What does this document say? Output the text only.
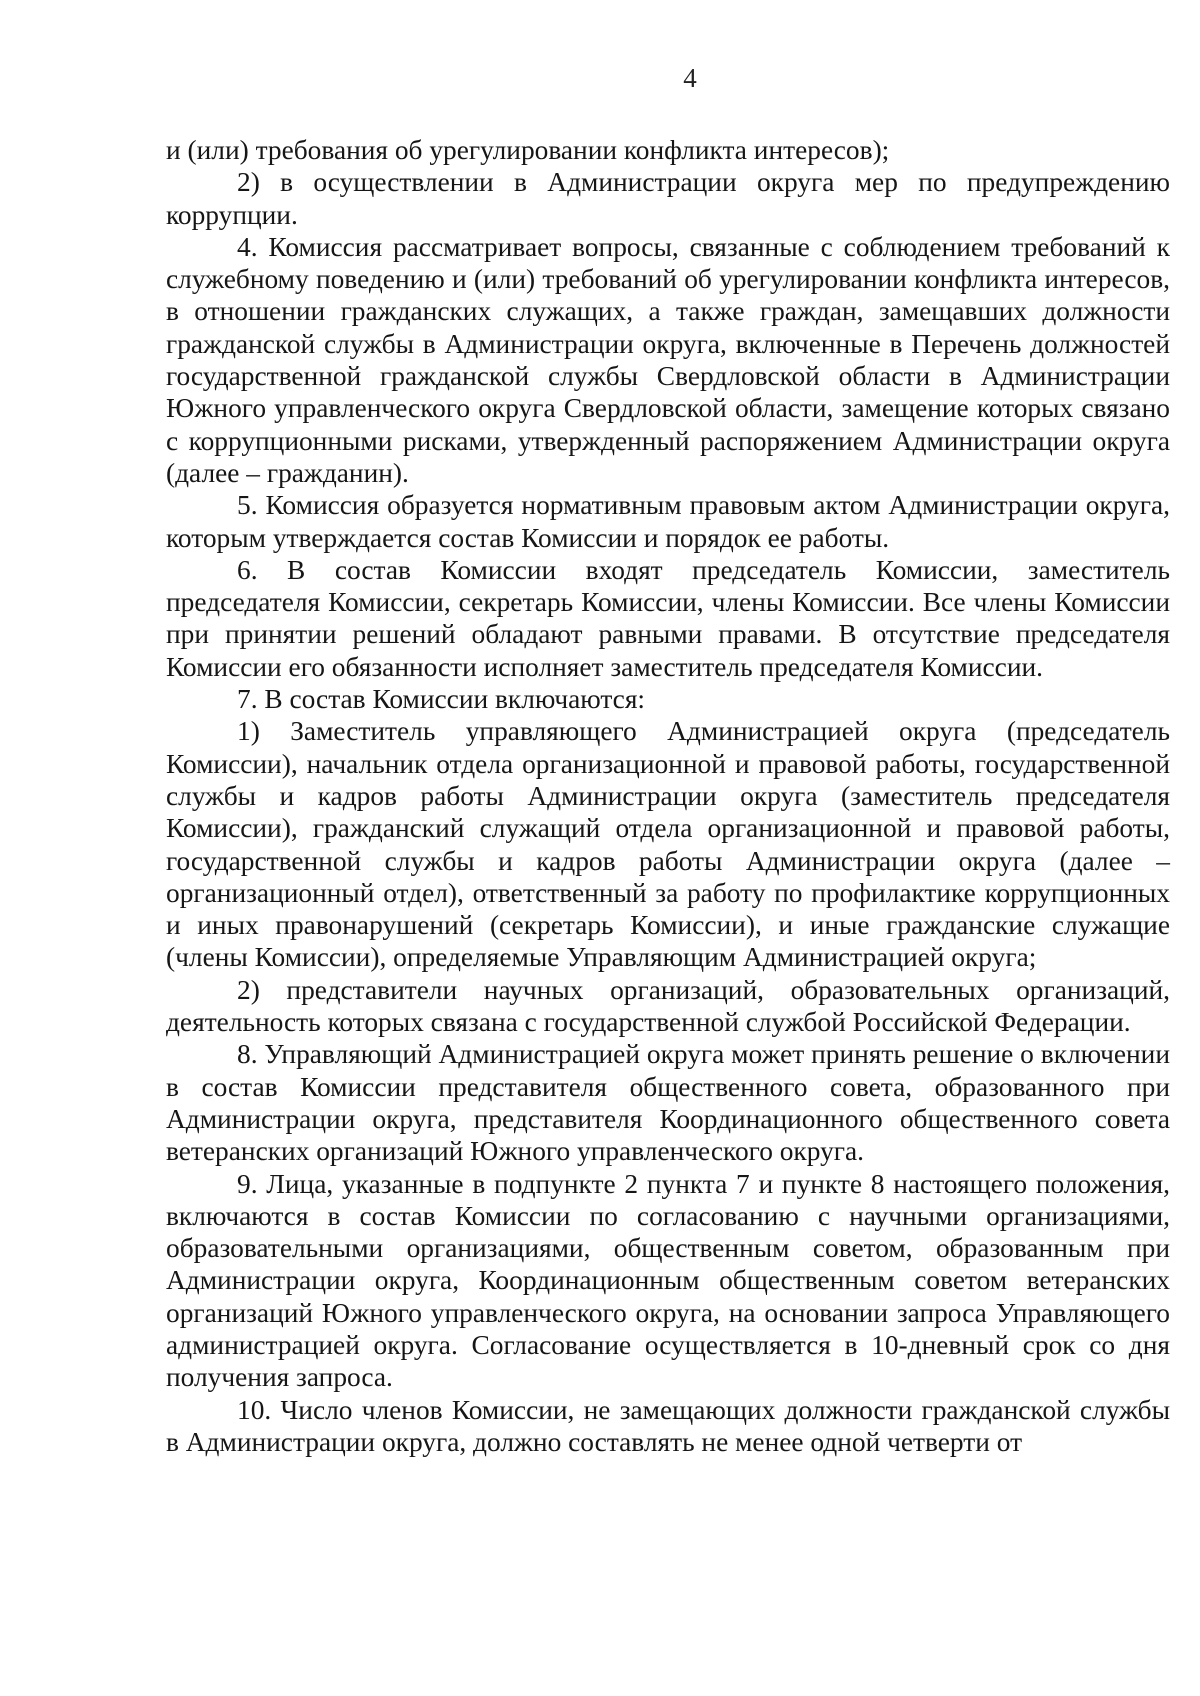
4

и (или) требования об урегулировании конфликта интересов);

2) в осуществлении в Администрации округа мер по предупреждению коррупции.

4. Комиссия рассматривает вопросы, связанные с соблюдением требований к служебному поведению и (или) требований об урегулировании конфликта интересов, в отношении гражданских служащих, а также граждан, замещавших должности гражданской службы в Администрации округа, включенные в Перечень должностей государственной гражданской службы Свердловской области в Администрации Южного управленческого округа Свердловской области, замещение которых связано с коррупционными рисками, утвержденный распоряжением Администрации округа (далее – гражданин).

5. Комиссия образуется нормативным правовым актом Администрации округа, которым утверждается состав Комиссии и порядок ее работы.

6. В состав Комиссии входят председатель Комиссии, заместитель председателя Комиссии, секретарь Комиссии, члены Комиссии. Все члены Комиссии при принятии решений обладают равными правами. В отсутствие председателя Комиссии его обязанности исполняет заместитель председателя Комиссии.

7. В состав Комиссии включаются:

1) Заместитель управляющего Администрацией округа (председатель Комиссии), начальник отдела организационной и правовой работы, государственной службы и кадров работы Администрации округа (заместитель председателя Комиссии), гражданский служащий отдела организационной и правовой работы, государственной службы и кадров работы Администрации округа (далее – организационный отдел), ответственный за работу по профилактике коррупционных и иных правонарушений (секретарь Комиссии), и иные гражданские служащие (члены Комиссии), определяемые Управляющим Администрацией округа;

2) представители научных организаций, образовательных организаций, деятельность которых связана с государственной службой Российской Федерации.

8. Управляющий Администрацией округа может принять решение о включении в состав Комиссии представителя общественного совета, образованного при Администрации округа, представителя Координационного общественного совета ветеранских организаций Южного управленческого округа.

9. Лица, указанные в подпункте 2 пункта 7 и пункте 8 настоящего положения, включаются в состав Комиссии по согласованию с научными организациями, образовательными организациями, общественным советом, образованным при Администрации округа, Координационным общественным советом ветеранских организаций Южного управленческого округа, на основании запроса Управляющего администрацией округа. Согласование осуществляется в 10-дневный срок со дня получения запроса.

10. Число членов Комиссии, не замещающих должности гражданской службы в Администрации округа, должно составлять не менее одной четверти от
